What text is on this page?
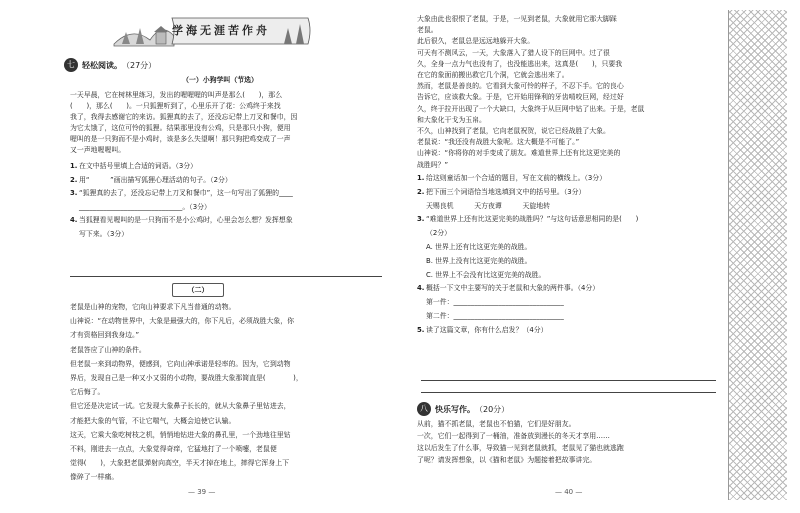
学海无涯苦作舟
七 轻松阅读。 （27分）
（一）小狗学叫（节选）
一天早晨，它在树林里练习，发出的喔喔喔的叫声是那么(　　)，那么
(　　)，那么(　　)。一只狐狸听到了，心里乐开了花：公鸡终于来找
我了，我得去感谢它的来访。狐狸真的去了，还没忘记带上刀叉和餐巾，因
为它太饿了，这位可怜的狐狸。结果那里没有公鸡，只是那只小狗，便用
喔叫的是一只狗而不是小鸡时，该是多么失望啊！那只狗把鸡变成了一声
又一声地喔喔叫。
1. 在文中括号里填上合适的词语。（3分）
2. 用“　　　”画出描写狐狸心理活动的句子。（2分）
3. “狐狸真的去了，还没忘记带上刀叉和餐巾”，这一句写出了狐狸的____
______________________________。（3分）
4. 当狐狸看见喔叫的是一只狗而不是小公鸡时，心里会怎么想？发挥想象
写下来。（3分）
（二）
老鼠是山神的宠物，它向山神要求下凡当普通的动物。
山神说：“在动物世界中，大象是最强大的，你下凡后，必须战胜大象，你
才有资格回到我身边。”
老鼠答应了山神的条件。
但老鼠一来到动物界，便感到，它向山神承诺是轻率的。因为，它到动物
界后，发现自己是一种又小又弱的小动物，要战胜大象那简直是(　　　　)，
它后悔了。
但它还是决定试一试。它发现大象鼻子长长的，就从大象鼻子里钻进去，
才能把大象的气管，不让它喘气，大概会迫使它认输。
这天，它乘大象吃树枝之机，悄悄地钻进大象的鼻孔里，一个劲地往里钻
不料，刚进去一点点，大象觉得奇痒，它猛地打了一个喷嚏，老鼠便
觉得(　　)，大象把老鼠弹射向高空，半天才掉在地上，摔得它浑身上下
像碎了一样痛。
— 39 —
大象由此也很恨了老鼠，于是，一见到老鼠，大象就用它那大脚踩
老鼠。
此后很久，老鼠总是远远地躲开大象。
可天有不测风云，一天，大象落入了猎人设下的巨网中。过了很
久，全身一点力气也没有了，也没能逃出来，这真是(　　)，只要我
在它的象面前搬出救它几个洞，它就会逃出来了。
然而，老鼠是善良的。它看到大象可怜的样子，不忍下手。它的良心
告诉它，应该救大象。于是，它开始用锋利的牙齿啃咬巨网，经过好
久，终于拉开出现了一个大缺口，大象终于从巨网中钻了出来。于是，老鼠
和大象化干戈为玉帛。
不久，山神找到了老鼠，它向老鼠祝贺，说它已经战胜了大象。
老鼠说：“我还没有战胜大象呢。这大概是不可能了。”
山神说：“你将你的对手变成了朋友。难道世界上还有比这更完美的
战胜吗？”
1. 给这则童话加一个合适的题目，写在文前的横线上。（3分）
2. 把下面三个词语恰当地选填到文中的括号里。（3分）
天赐良机　　　天方夜谭　　　天旋地转
3. “难道世界上还有比这更完美的战胜吗？”与这句话意思相同的是(　　)
（2分）
A. 世界上还有比这更完美的战胜。
B. 世界上没有比这更完美的战胜。
C. 世界上不会没有比这更完美的战胜。
4. 概括一下文中主要写的关于老鼠和大象的两件事。（4分）
第一件：________________________________
第二件：________________________________
5. 读了这篇文章，你有什么启发？（4分）
八 快乐写作。 （20分）
从前，猫不抓老鼠，老鼠也不怕猫，它们是好朋友。
一次，它们一起得到了一桶油，准备放到漫长的冬天才享用……
这以后发生了什么事，导致猫一见到老鼠就抓，老鼠见了猫也就逃跑
了呢？请发挥想象，以《猫和老鼠》为题接着把故事讲完。
— 40 —
